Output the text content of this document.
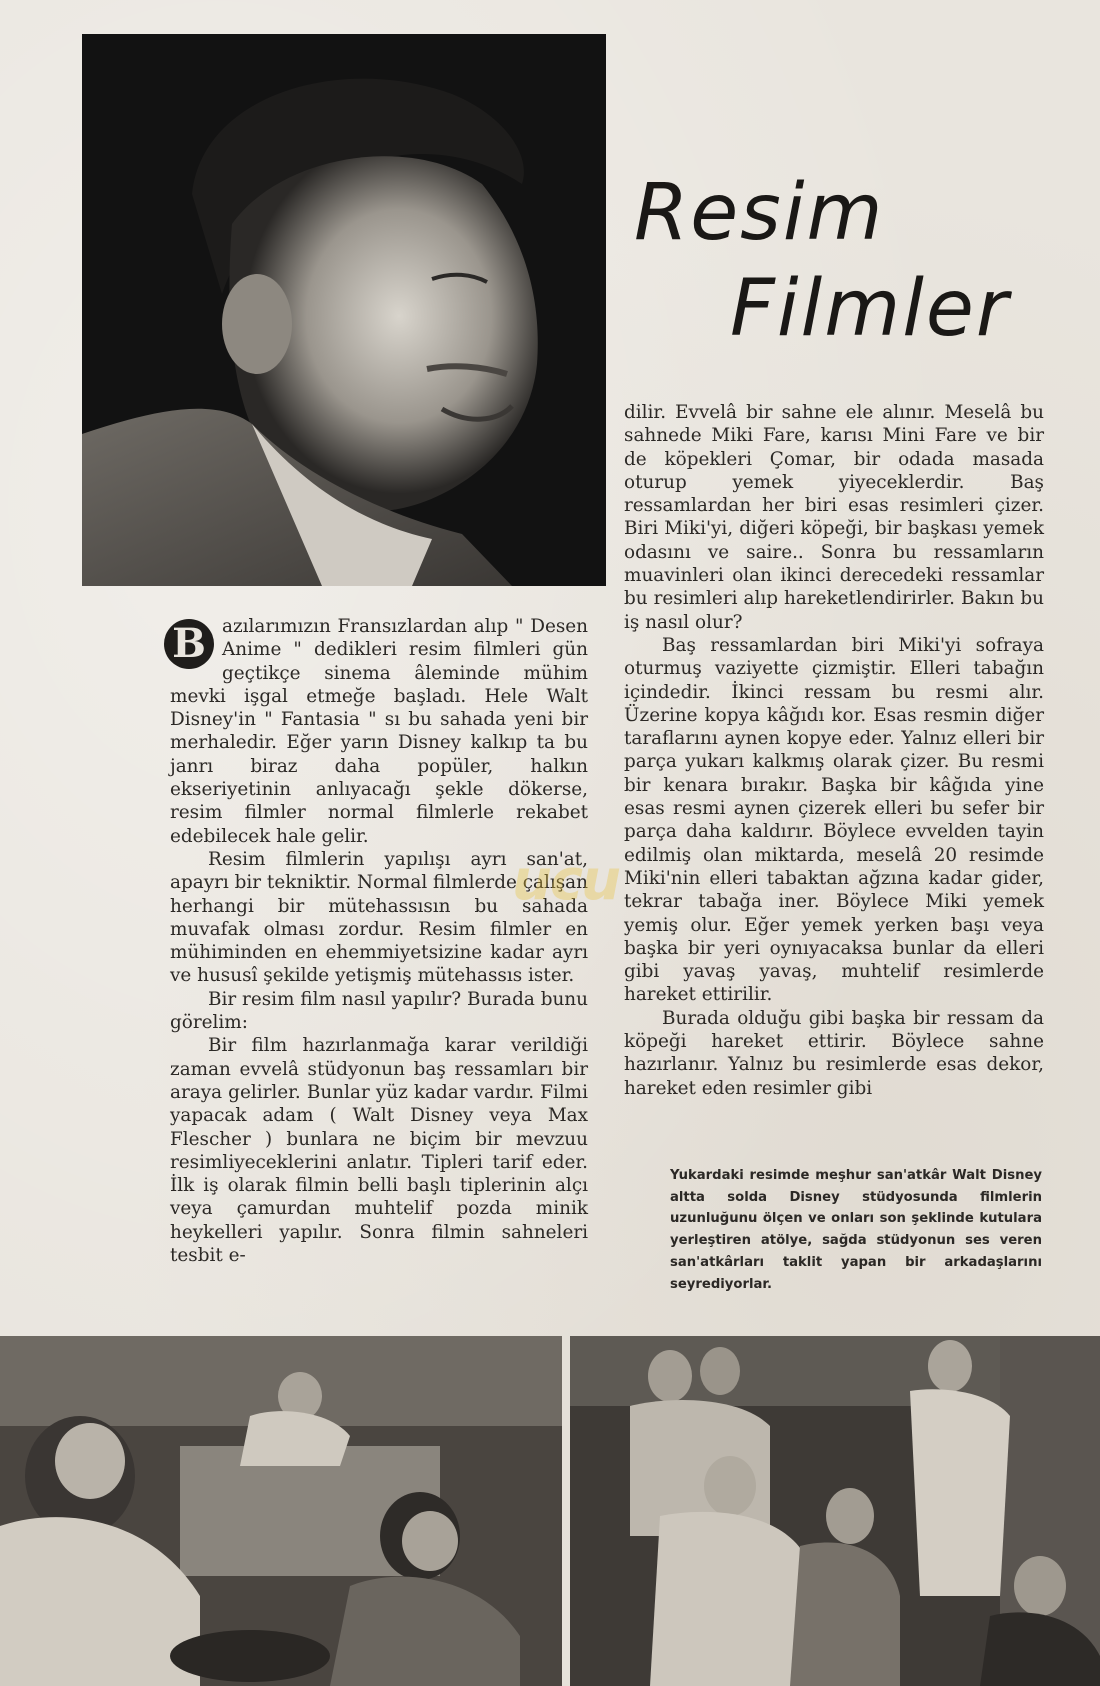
Resim
Filmler

B azılarımızın Fransızlardan alıp " Desen Anime " dedikleri resim filmleri gün geçtikçe sinema âleminde mühim mevki işgal etmeğe başladı. Hele Walt Disney'in " Fantasia " sı bu sahada yeni bir merhaledir. Eğer yarın Disney kalkıp ta bu janrı biraz daha popüler, halkın ekseriyetinin anlıyacağı şekle dökerse, resim filmler normal filmlerle rekabet edebilecek hale gelir.

Resim filmlerin yapılışı ayrı san'at, apayrı bir tekniktir. Normal filmlerde çalışan herhangi bir mütehassısın bu sahada muvafak olması zordur. Resim filmler en mühiminden en ehemmiyetsizine kadar ayrı ve hususî şekilde yetişmiş mütehassıs ister.

Bir resim film nasıl yapılır? Burada bunu görelim:

Bir film hazırlanmağa karar verildiği zaman evvelâ stüdyonun baş ressamları bir araya gelirler. Bunlar yüz kadar vardır. Filmi yapacak adam ( Walt Disney veya Max Flescher ) bunlara ne biçim bir mevzuu resimliyeceklerini anlatır. Tipleri tarif eder. İlk iş olarak filmin belli başlı tiplerinin alçı veya çamurdan muhtelif pozda minik heykelleri yapılır. Sonra filmin sahneleri tesbit e-

dilir. Evvelâ bir sahne ele alınır. Meselâ bu sahnede Miki Fare, karısı Mini Fare ve bir de köpekleri Çomar, bir odada masada oturup yemek yiyeceklerdir. Baş ressamlardan her biri esas resimleri çizer. Biri Miki'yi, diğeri köpeği, bir başkası yemek odasını ve saire.. Sonra bu ressamların muavinleri olan ikinci derecedeki ressamlar bu resimleri alıp hareketlendirirler. Bakın bu iş nasıl olur?

Baş ressamlardan biri Miki'yi sofraya oturmuş vaziyette çizmiştir. Elleri tabağın içindedir. İkinci ressam bu resmi alır. Üzerine kopya kâğıdı kor. Esas resmin diğer taraflarını aynen kopye eder. Yalnız elleri bir parça yukarı kalkmış olarak çizer. Bu resmi bir kenara bırakır. Başka bir kâğıda yine esas resmi aynen çizerek elleri bu sefer bir parça daha kaldırır. Böylece evvelden tayin edilmiş olan miktarda, meselâ 20 resimde Miki'nin elleri tabaktan ağzına kadar gider, tekrar tabağa iner. Böylece Miki yemek yemiş olur. Eğer yemek yerken başı veya başka bir yeri oynıyacaksa bunlar da elleri gibi yavaş yavaş, muhtelif resimlerde hareket ettirilir.

Burada olduğu gibi başka bir ressam da köpeği hareket ettirir. Böylece sahne hazırlanır. Yalnız bu resimlerde esas dekor, hareket eden resimler gibi

Yukardaki resimde meşhur san'atkâr Walt Disney altta solda Disney stüdyosunda filmlerin uzunluğunu ölçen ve onları son şeklinde kutulara yerleştiren atölye, sağda stüdyonun ses veren san'atkârları taklit yapan bir arkadaşlarını seyrediyorlar.
ucu
